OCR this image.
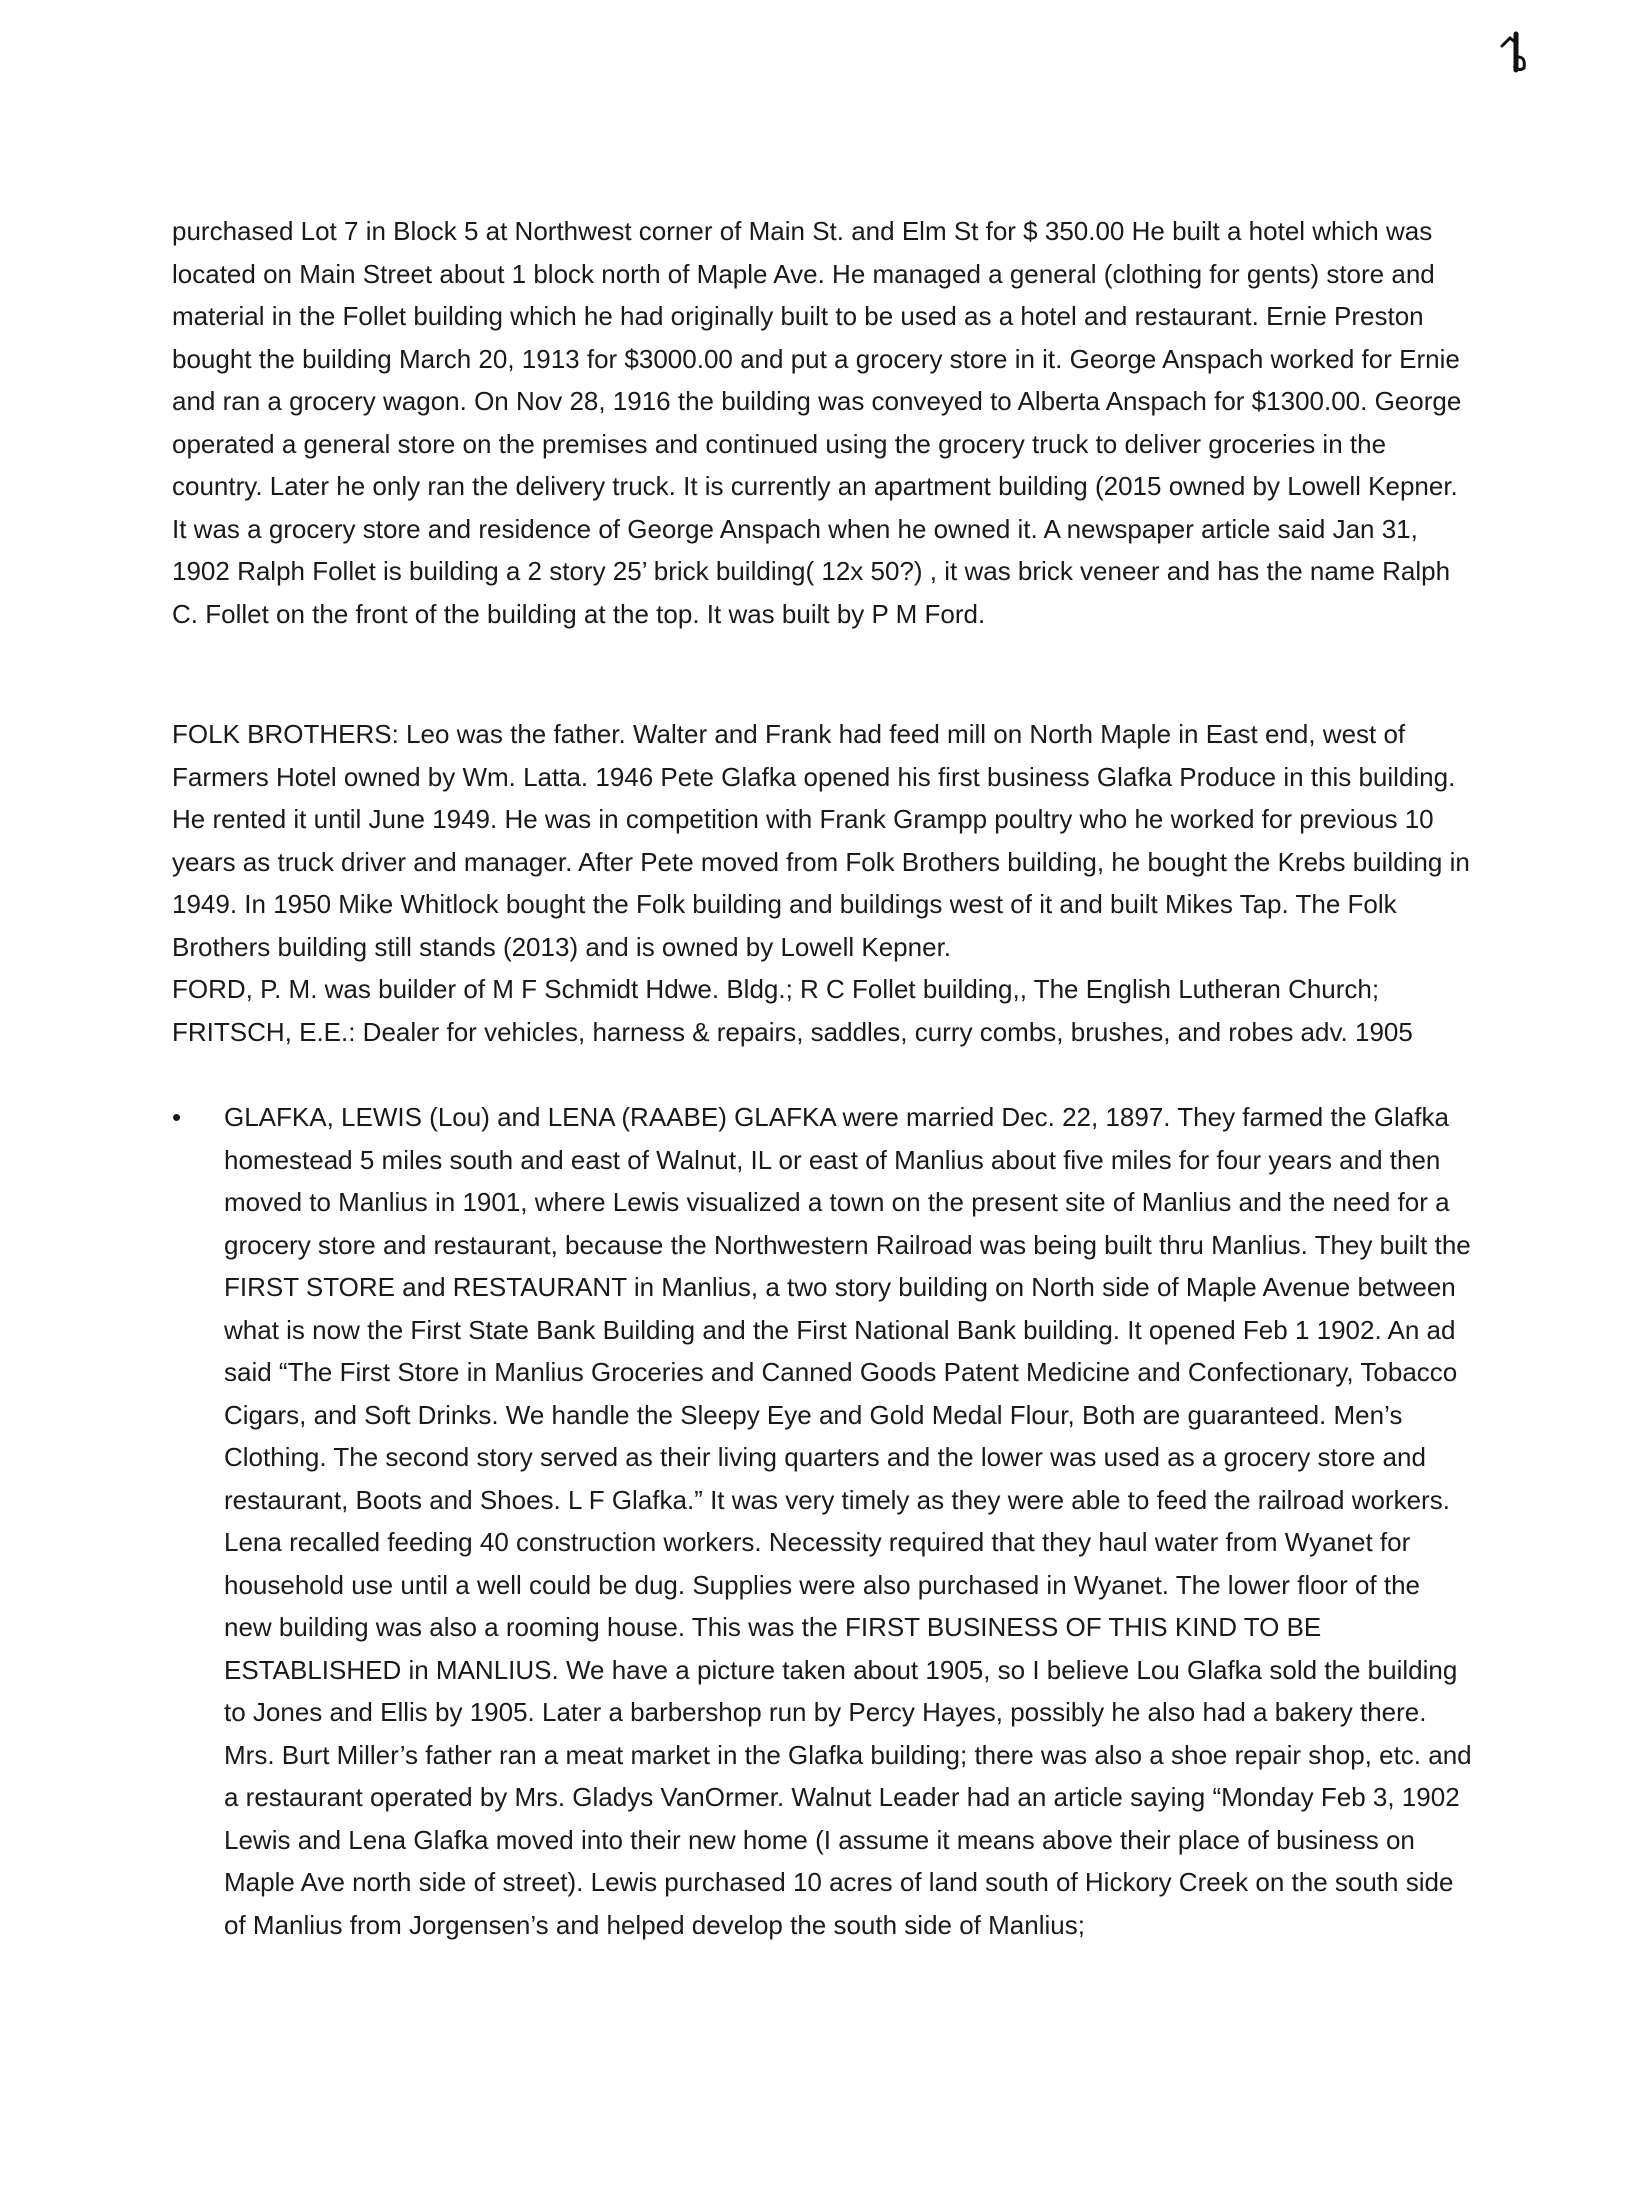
purchased Lot 7 in Block 5 at Northwest corner of Main St. and Elm St for $ 350.00 He built a hotel which was located on Main Street about 1 block north of Maple Ave. He managed a general (clothing for gents) store and material in the Follet building which he had originally built to be used as a hotel and restaurant. Ernie Preston bought the building March 20, 1913 for $3000.00 and put a grocery store in it. George Anspach worked for Ernie and ran a grocery wagon. On Nov 28, 1916 the building was conveyed to Alberta Anspach for $1300.00. George operated a general store on the premises and continued using the grocery truck to deliver groceries in the country. Later he only ran the delivery truck. It is currently an apartment building (2015 owned by Lowell Kepner. It was a grocery store and residence of George Anspach when he owned it. A newspaper article said Jan 31, 1902 Ralph Follet is building a 2 story 25’ brick building( 12x 50?) , it was brick veneer and has the name Ralph C. Follet on the front of the building at the top. It was built by P M Ford.

FOLK BROTHERS: Leo was the father. Walter and Frank had feed mill on North Maple in East end, west of Farmers Hotel owned by Wm. Latta. 1946 Pete Glafka opened his first business Glafka Produce in this building. He rented it until June 1949. He was in competition with Frank Grampp poultry who he worked for previous 10 years as truck driver and manager. After Pete moved from Folk Brothers building, he bought the Krebs building in 1949. In 1950 Mike Whitlock bought the Folk building and buildings west of it and built Mikes Tap. The Folk Brothers building still stands (2013) and is owned by Lowell Kepner.

FORD, P. M. was builder of M F Schmidt Hdwe. Bldg.; R C Follet building,, The English Lutheran Church;

FRITSCH, E.E.: Dealer for vehicles, harness & repairs, saddles, curry combs, brushes, and robes adv. 1905

•	GLAFKA, LEWIS (Lou) and LENA (RAABE) GLAFKA were married Dec. 22, 1897. They farmed the Glafka homestead 5 miles south and east of Walnut, IL or east of Manlius about five miles for four years and then moved to Manlius in 1901, where Lewis visualized a town on the present site of Manlius and the need for a grocery store and restaurant, because the Northwestern Railroad was being built thru Manlius. They built the FIRST STORE and RESTAURANT in Manlius, a two story building on North side of Maple Avenue between what is now the First State Bank Building and the First National Bank building. It opened Feb 1 1902. An ad said “The First Store in Manlius Groceries and Canned Goods Patent Medicine and Confectionary, Tobacco Cigars, and Soft Drinks. We handle the Sleepy Eye and Gold Medal Flour, Both are guaranteed. Men’s Clothing. The second story served as their living quarters and the lower was used as a grocery store and restaurant, Boots and Shoes. L F Glafka.” It was very timely as they were able to feed the railroad workers. Lena recalled feeding 40 construction workers. Necessity required that they haul water from Wyanet for household use until a well could be dug. Supplies were also purchased in Wyanet. The lower floor of the new building was also a rooming house. This was the FIRST BUSINESS OF THIS KIND TO BE ESTABLISHED in MANLIUS. We have a picture taken about 1905, so I believe Lou Glafka sold the building to Jones and Ellis by 1905. Later a barbershop run by Percy Hayes, possibly he also had a bakery there. Mrs. Burt Miller’s father ran a meat market in the Glafka building; there was also a shoe repair shop, etc. and a restaurant operated by Mrs. Gladys VanOrmer. Walnut Leader had an article saying “Monday Feb 3, 1902 Lewis and Lena Glafka moved into their new home (I assume it means above their place of business on Maple Ave north side of street). Lewis purchased 10 acres of land south of Hickory Creek on the south side of Manlius from Jorgensen’s and helped develop the south side of Manlius;
